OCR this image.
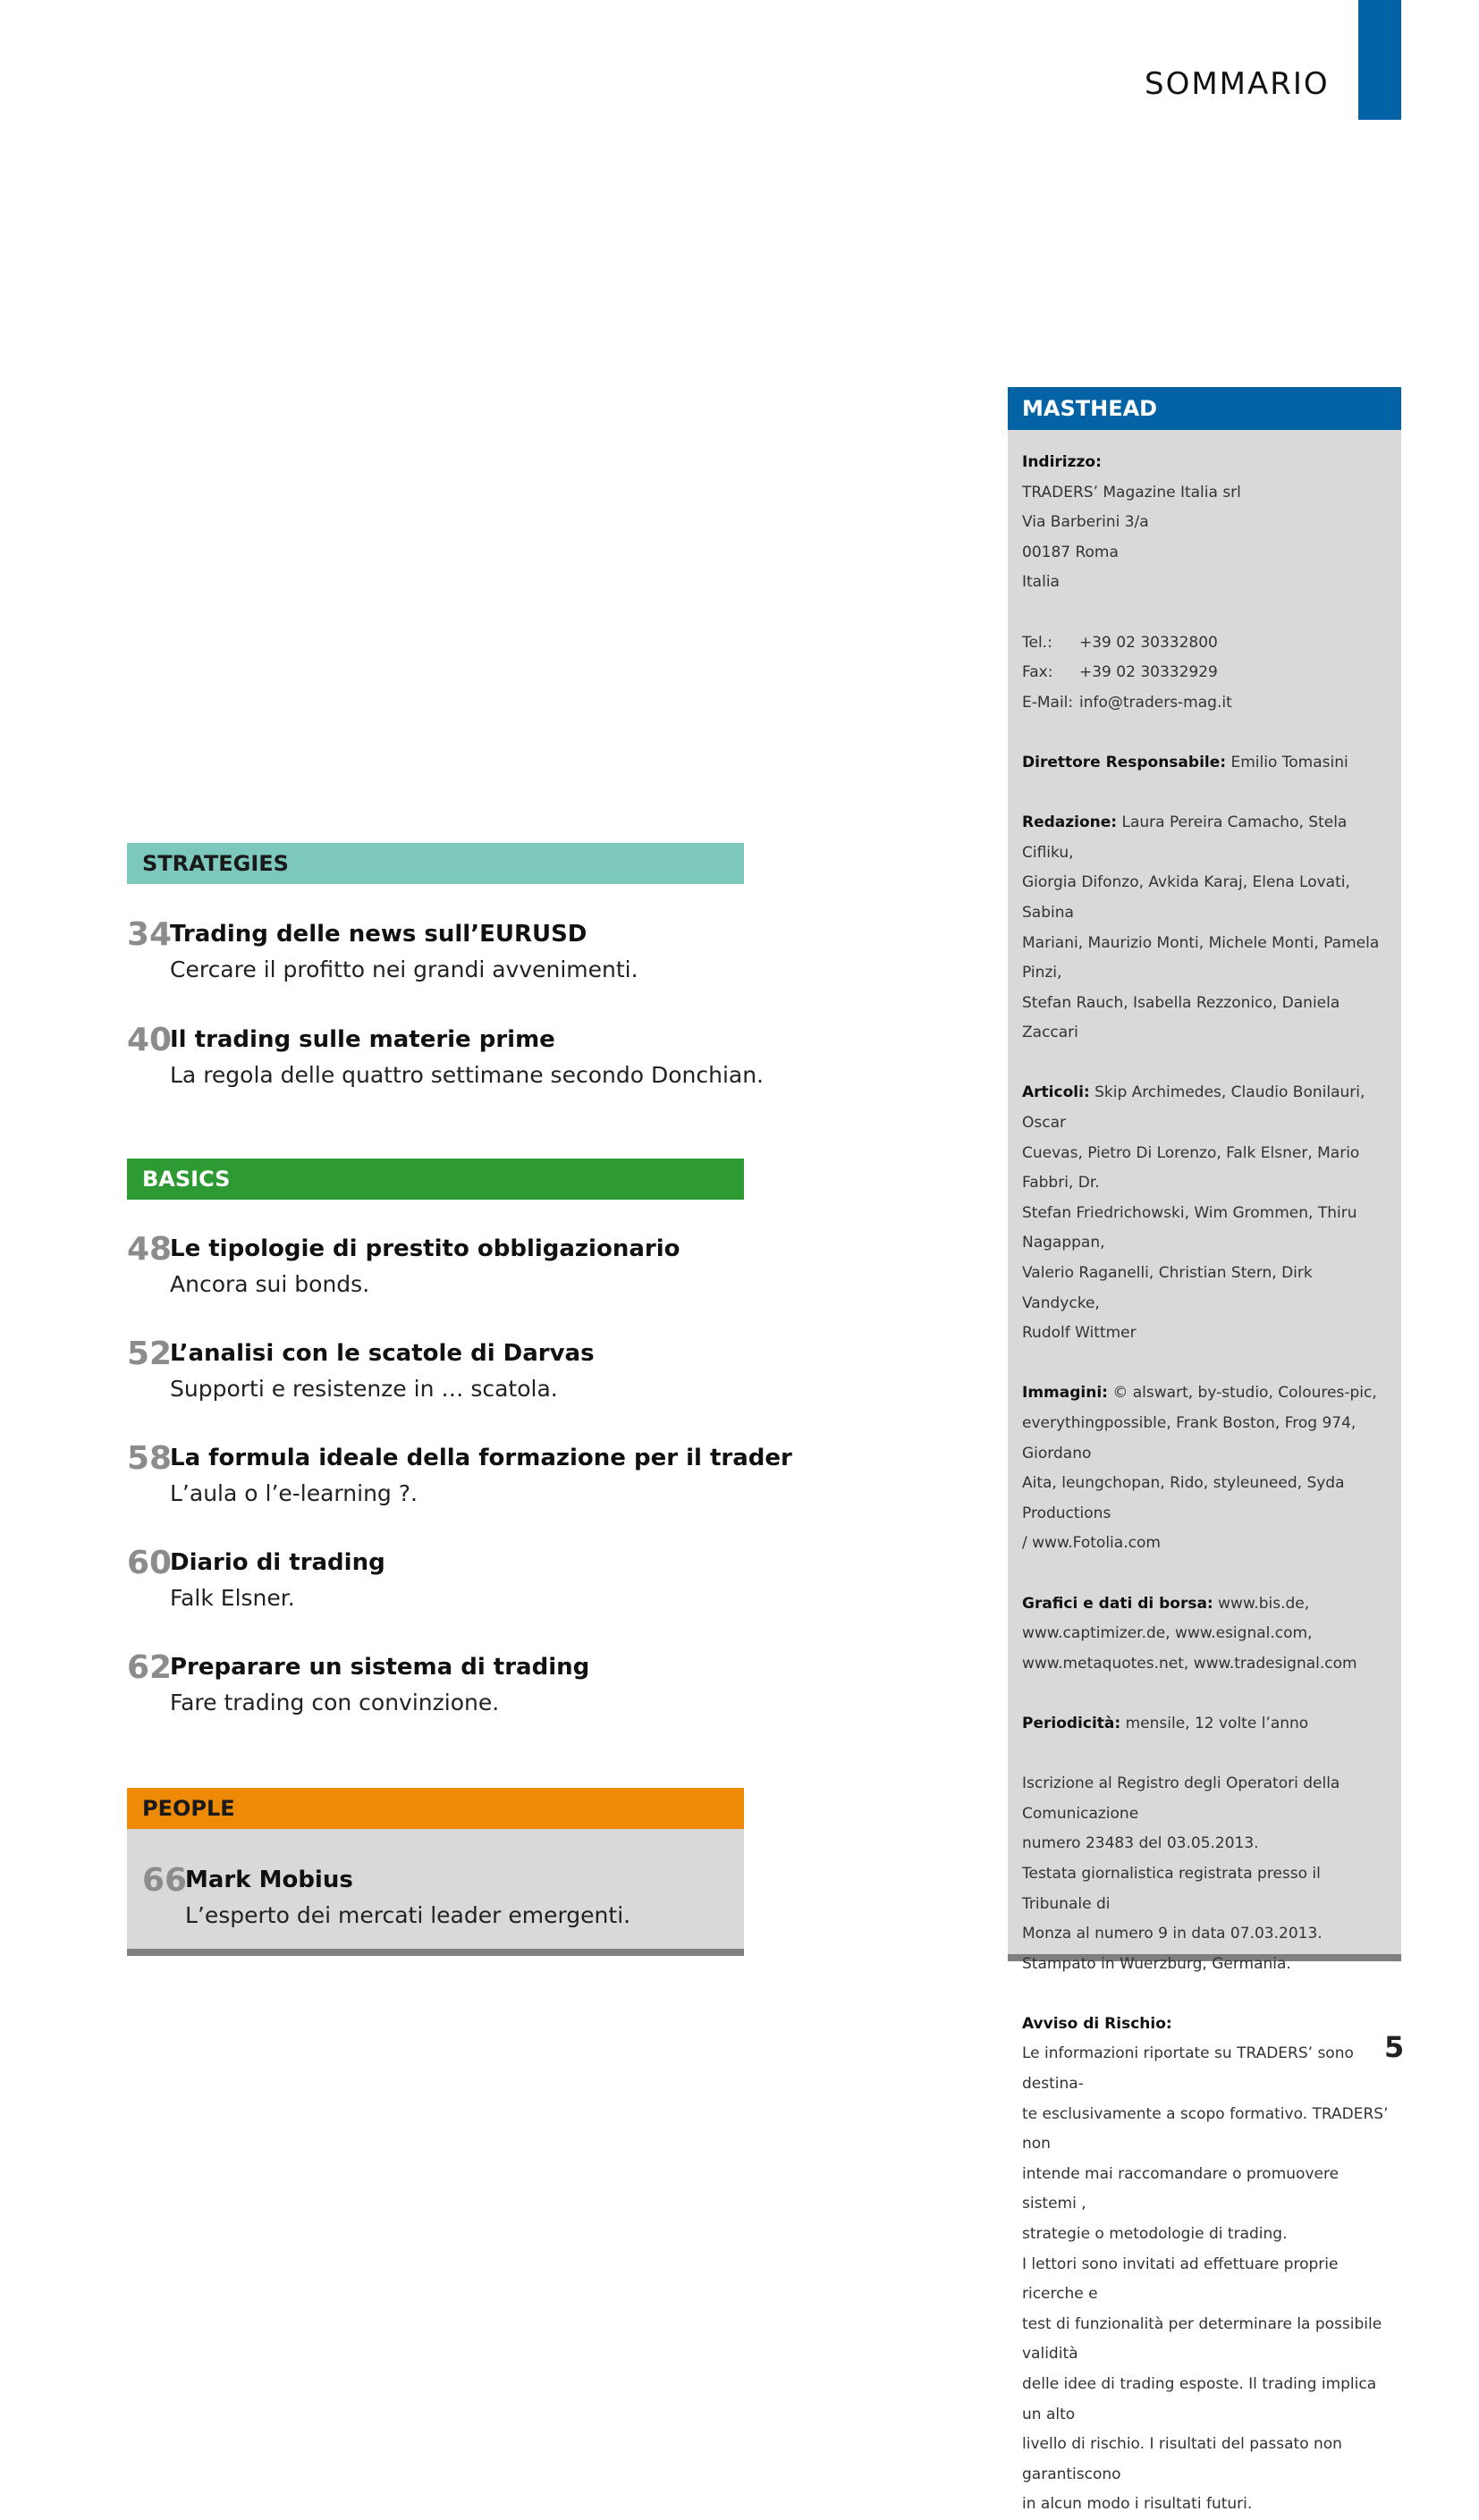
SOMMARIO
STRATEGIES
34
Trading delle news sull’EURUSD
Cercare il profitto nei grandi avvenimenti.
40
Il trading sulle materie prime
La regola delle quattro settimane secondo Donchian.
BASICS
48
Le tipologie di prestito obbligazionario
Ancora sui bonds.
52
L’analisi con le scatole di Darvas
Supporti e resistenze in … scatola.
58
La formula ideale della formazione per il trader
L’aula o l’e-learning ?.
60
Diario di trading
Falk Elsner.
62
Preparare un sistema di trading
Fare trading con convinzione.
PEOPLE
66
Mark Mobius
L’esperto dei mercati leader emergenti.
MASTHEAD

Indirizzo:

TRADERS’ Magazine Italia srl

Via Barberini 3/a

00187 Roma

Italia

Tel.: +39 02 30332800

Fax: +39 02 30332929

E-Mail: info@traders-mag.it

Direttore Responsabile: Emilio Tomasini

Redazione: Laura Pereira Camacho, Stela Cifliku,

Giorgia Difonzo, Avkida Karaj, Elena Lovati, Sabina

Mariani, Maurizio Monti, Michele Monti, Pamela Pinzi,

Stefan Rauch, Isabella Rezzonico, Daniela Zaccari

Articoli: Skip Archimedes, Claudio Bonilauri, Oscar

Cuevas, Pietro Di Lorenzo, Falk Elsner, Mario Fabbri, Dr.

Stefan Friedrichowski, Wim Grommen, Thiru Nagappan,

Valerio Raganelli, Christian Stern, Dirk Vandycke,

Rudolf Wittmer

Immagini: © alswart, by-studio, Coloures-pic,

everythingpossible, Frank Boston, Frog 974, Giordano

Aita, leungchopan, Rido, styleuneed, Syda Productions

/ www.Fotolia.com

Grafici e dati di borsa: www.bis.de,

www.captimizer.de, www.esignal.com,

www.metaquotes.net, www.tradesignal.com

Periodicità: mensile, 12 volte l’anno

Iscrizione al Registro degli Operatori della Comunicazione

numero 23483 del 03.05.2013.

Testata giornalistica registrata presso il Tribunale di

Monza al numero 9 in data 07.03.2013.

Stampato in Wuerzburg, Germania.

Avviso di Rischio:

Le informazioni riportate su TRADERS’ sono destina-

te esclusivamente a scopo formativo. TRADERS’ non

intende mai raccomandare o promuovere sistemi ,

strategie o metodologie di trading.

I lettori sono invitati ad effettuare proprie ricerche e

test di funzionalità per determinare la possibile validità

delle idee di trading esposte. Il trading implica un alto

livello di rischio. I risultati del passato non garantiscono

in alcun modo i risultati futuri.

5
